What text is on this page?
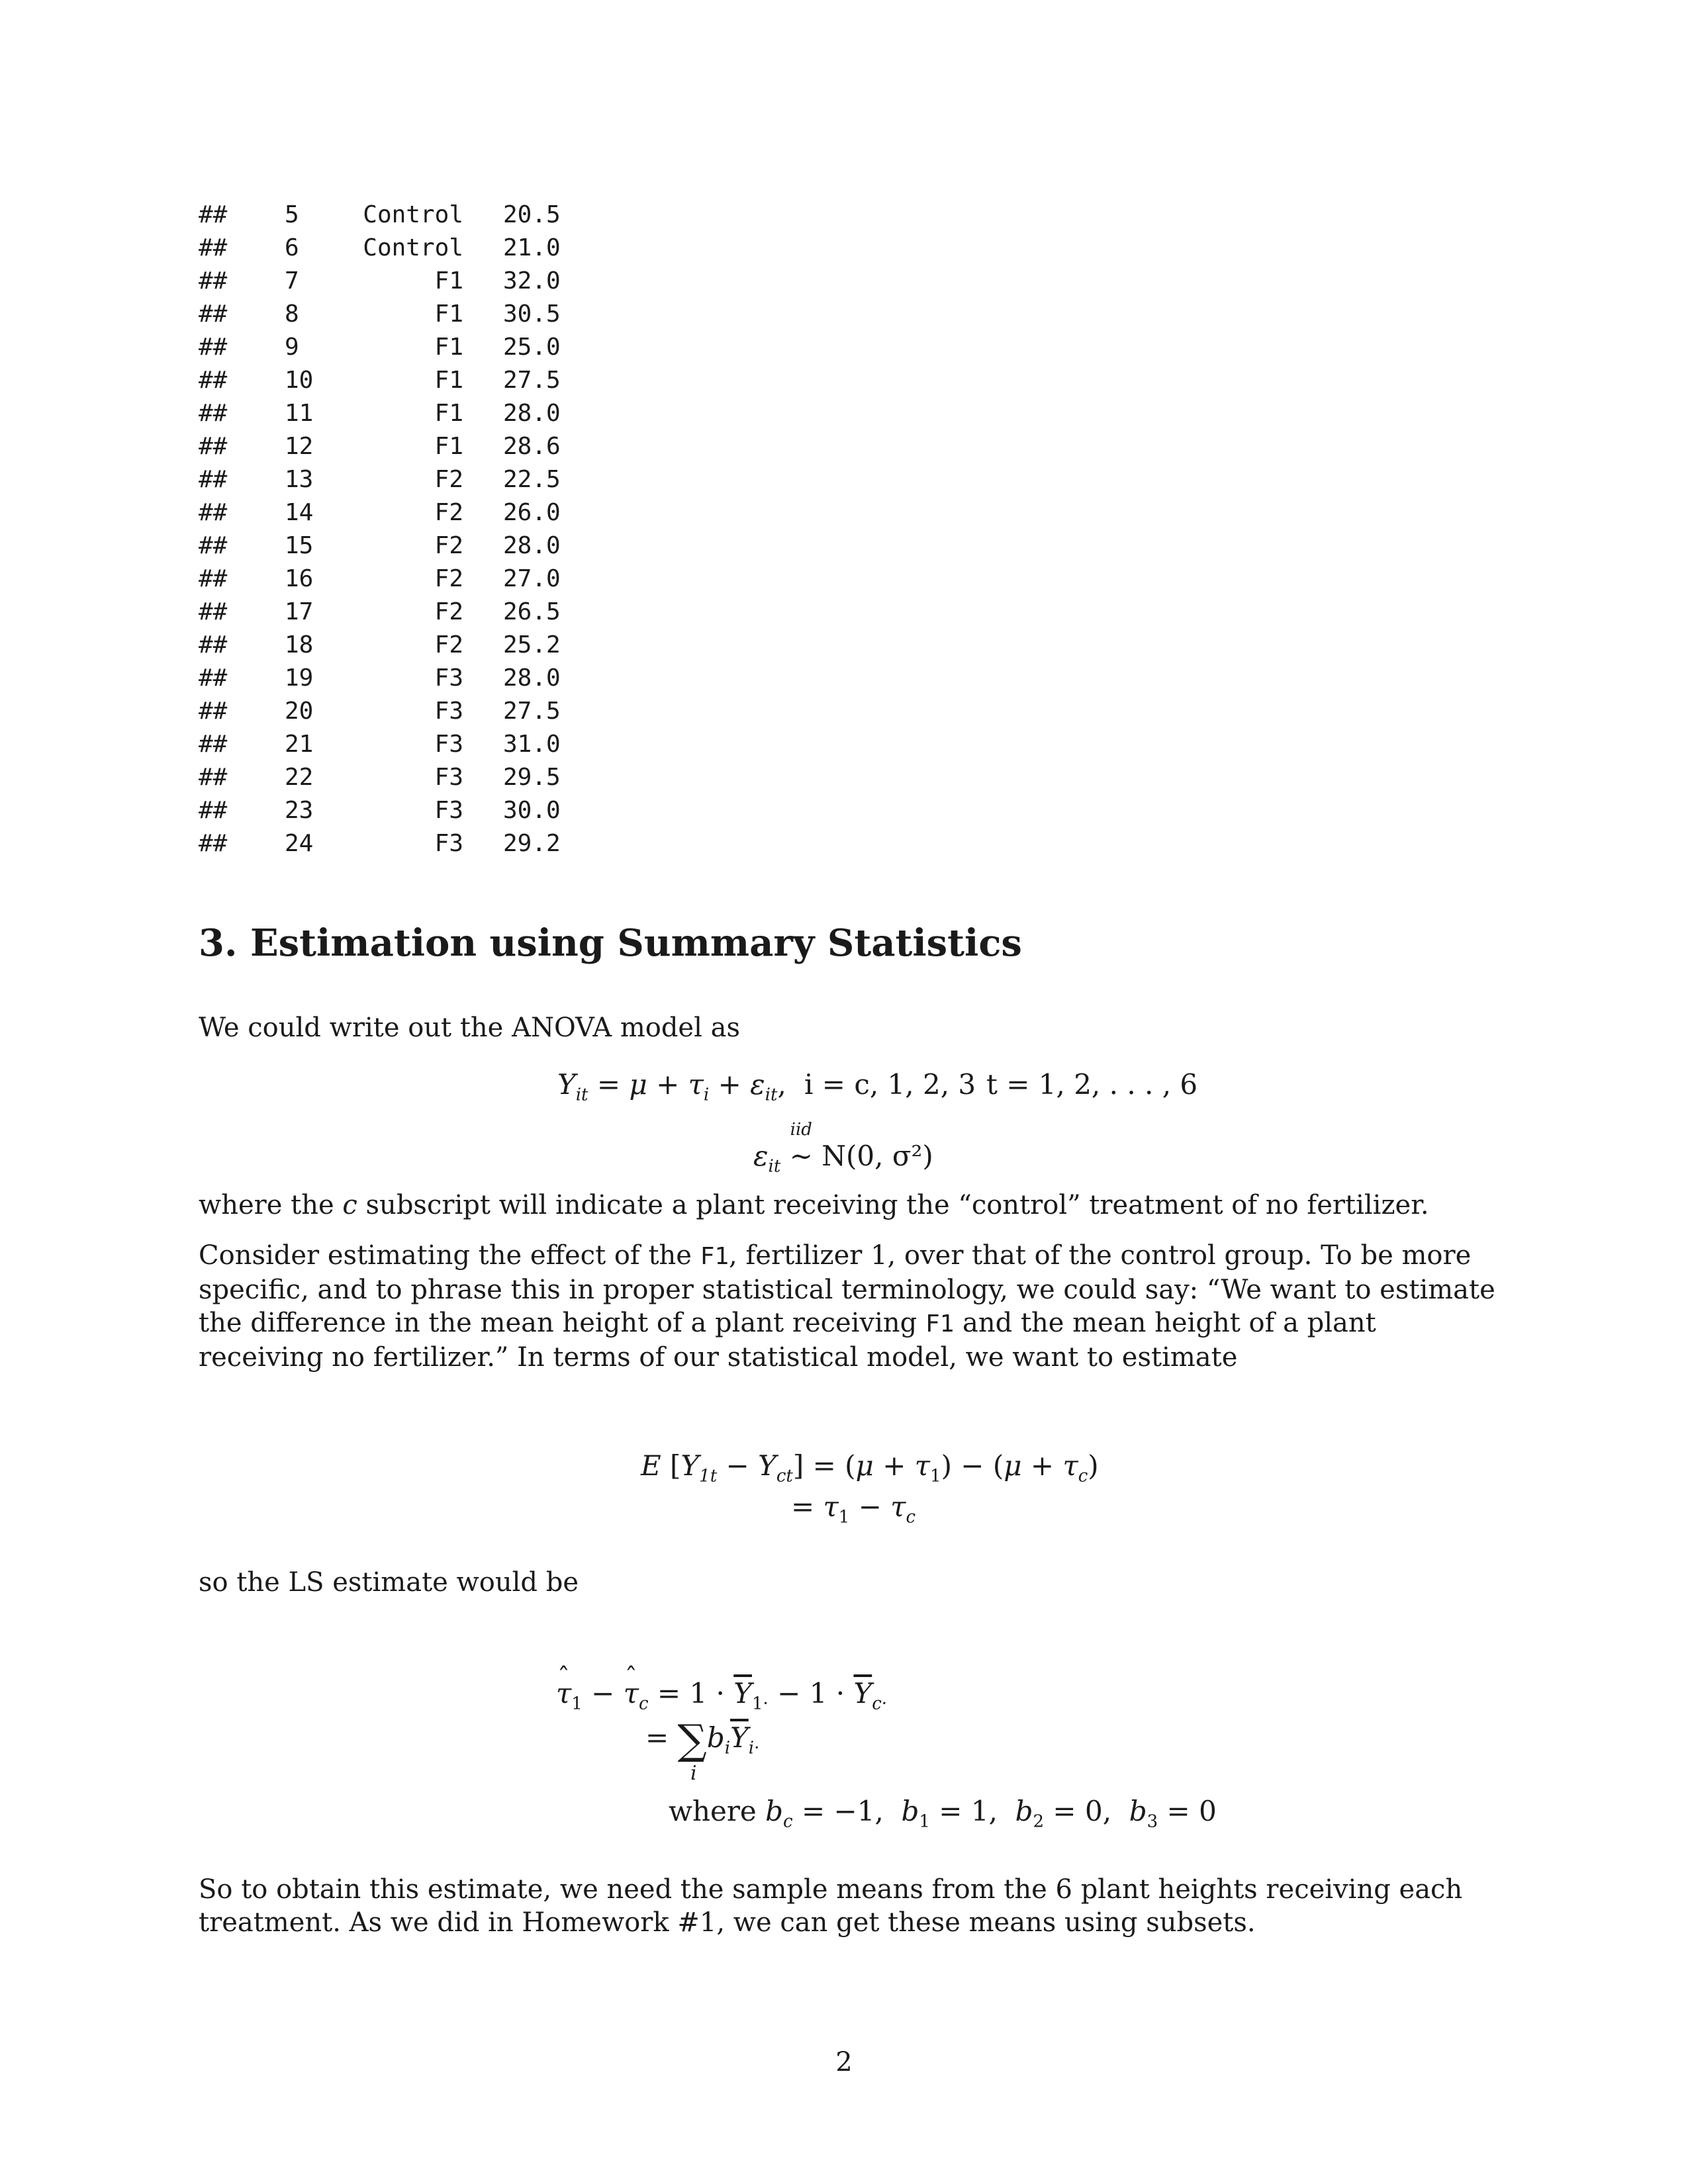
##	5	Control 20.5
##	6	Control 21.0
##	7	F1 32.0
##	8	F1 30.5
##	9	F1 25.0
##	10	F1 27.5
##	11	F1 28.0
##	12	F1 28.6
##	13	F2 22.5
##	14	F2 26.0
##	15	F2 28.0
##	16	F2 27.0
##	17	F2 26.5
##	18	F2 25.2
##	19	F3 28.0
##	20	F3 27.5
##	21	F3 31.0
##	22	F3 29.5
##	23	F3 30.0
##	24	F3 29.2
3. Estimation using Summary Statistics

We could write out the ANOVA model as

$Y_{it} = \mu + \tau_i + \varepsilon_{it}$, i = c, 1, 2, 3 t = 1, 2, . . . , 6
$\varepsilon_{it}$
iid
∼ N(0, σ²)

where the c subscript will indicate a plant receiving the “control” treatment of no fertilizer.

Consider estimating the effect of the F1, fertilizer 1, over that of the control group. To be more specific, and to phrase this in proper statistical terminology, we could say: “We want to estimate the difference in the mean height of a plant receiving F1 and the mean height of a plant receiving no fertilizer.” In terms of our statistical model, we want to estimate

E $[Y_{1t} - Y_{ct}] = (\mu + \tau_1) - (\mu + \tau_c)$
= $\tau_1 - \tau_c$

so the LS estimate would be

ˆ $\tau_1$ − ˆ $\tau_c = 1 \cdot \overline{Y}_{1\cdot} - 1 \cdot \overline{Y}_{c\cdot}$
= $\sum b_i\overline{Y}_{i\cdot}$
i
where $b_c = -1$,  $b_1 = 1$,  $b_2 = 0$,  $b_3 = 0$

So to obtain this estimate, we need the sample means from the 6 plant heights receiving each treatment. As we did in Homework #1, we can get these means using subsets.

2
